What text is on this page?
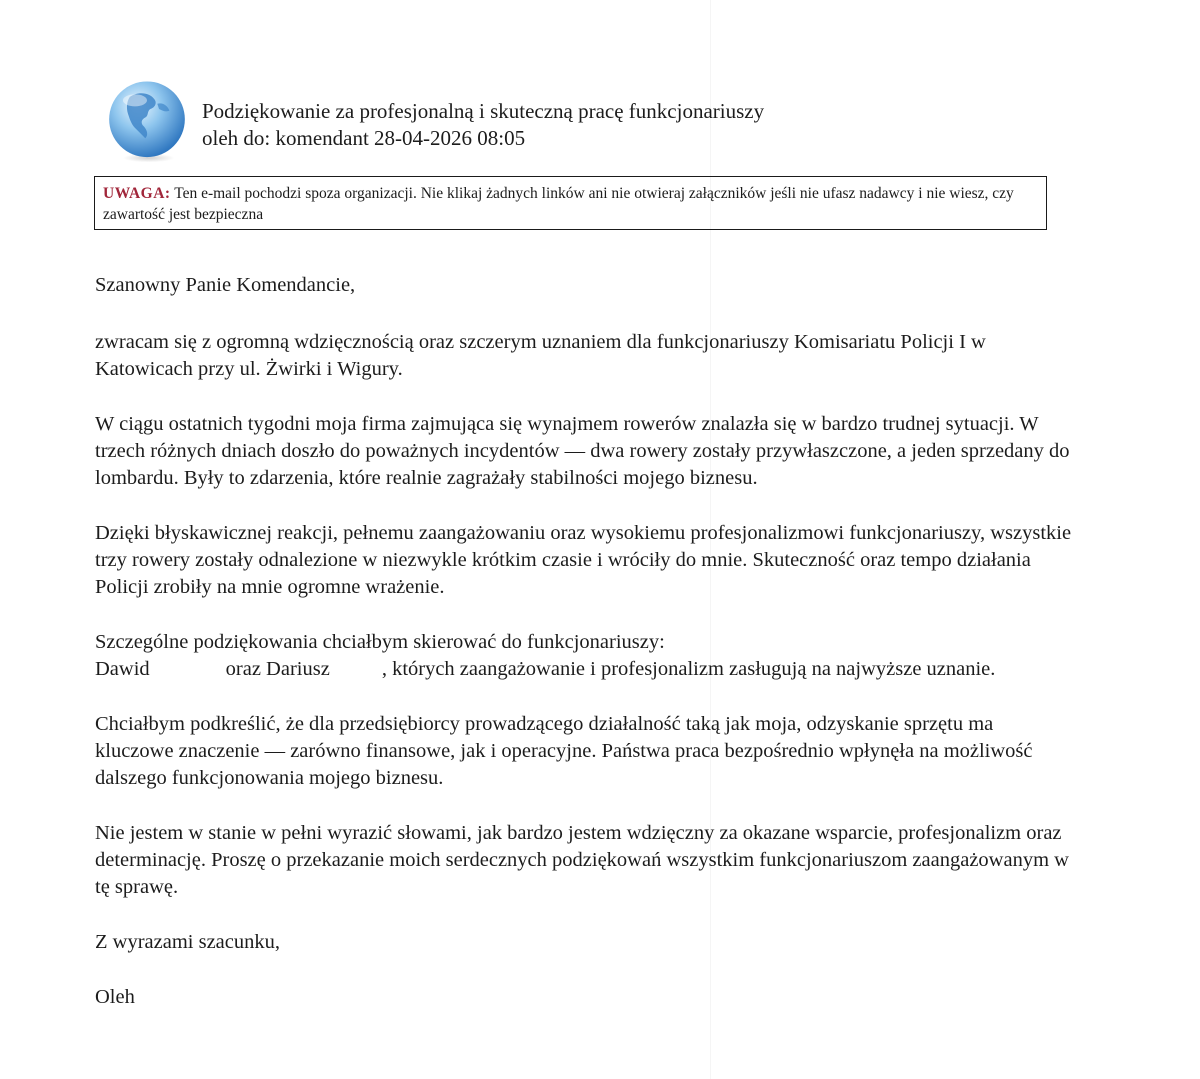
Podziękowanie za profesjonalną i skuteczną pracę funkcjonariuszy
oleh do: komendant 28-04-2026 08:05
UWAGA: Ten e-mail pochodzi spoza organizacji. Nie klikaj żadnych linków ani nie otwieraj załączników jeśli nie ufasz nadawcy i nie wiesz, czy zawartość jest bezpieczna

Szanowny Panie Komendancie,

zwracam się z ogromną wdzięcznością oraz szczerym uznaniem dla funkcjonariuszy Komisariatu Policji I w Katowicach przy ul. Żwirki i Wigury.

W ciągu ostatnich tygodni moja firma zajmująca się wynajmem rowerów znalazła się w bardzo trudnej sytuacji. W trzech różnych dniach doszło do poważnych incydentów — dwa rowery zostały przywłaszczone, a jeden sprzedany do lombardu. Były to zdarzenia, które realnie zagrażały stabilności mojego biznesu.

Dzięki błyskawicznej reakcji, pełnemu zaangażowaniu oraz wysokiemu profesjonalizmowi funkcjonariuszy, wszystkie trzy rowery zostały odnalezione w niezwykle krótkim czasie i wróciły do mnie. Skuteczność oraz tempo działania Policji zrobiły na mnie ogromne wrażenie.

Szczególne podziękowania chciałbym skierować do funkcjonariuszy:
Dawid	oraz Dariusz	, których zaangażowanie i profesjonalizm zasługują na najwyższe uznanie.

Chciałbym podkreślić, że dla przedsiębiorcy prowadzącego działalność taką jak moja, odzyskanie sprzętu ma kluczowe znaczenie — zarówno finansowe, jak i operacyjne. Państwa praca bezpośrednio wpłynęła na możliwość dalszego funkcjonowania mojego biznesu.

Nie jestem w stanie w pełni wyrazić słowami, jak bardzo jestem wdzięczny za okazane wsparcie, profesjonalizm oraz determinację. Proszę o przekazanie moich serdecznych podziękowań wszystkim funkcjonariuszom zaangażowanym w tę sprawę.

Z wyrazami szacunku,

Oleh
